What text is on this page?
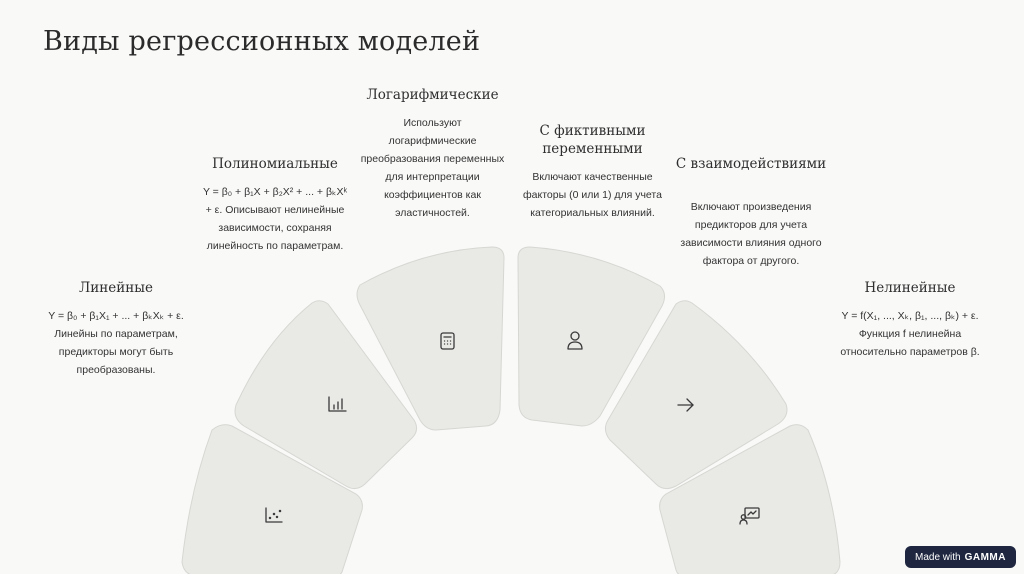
Виды регрессионных моделей
Линейные
Y = β₀ + β₁X₁ + ... + β⁠ₖXₖ + ε.
Линейны по параметрам,
предикторы могут быть
преобразованы.
Полиномиальные
Y = β₀ + β₁X + β₂X² + ... + βₖXᵏ
+ ε. Описывают нелинейные
зависимости, сохраняя
линейность по параметрам.
Логарифмические
Используют
логарифмические
преобразования переменных
для интерпретации
коэффициентов как
эластичностей.
С фиктивными переменными
Включают качественные
факторы (0 или 1) для учета
категориальных влияний.
С взаимодействиями
Включают произведения
предикторов для учета
зависимости влияния одного
фактора от другого.
Нелинейные
Y = f(X₁, ..., Xₖ, β₁, ..., βₖ) + ε.
Функция f нелинейна
относительно параметров β.
Made with GAMMA
